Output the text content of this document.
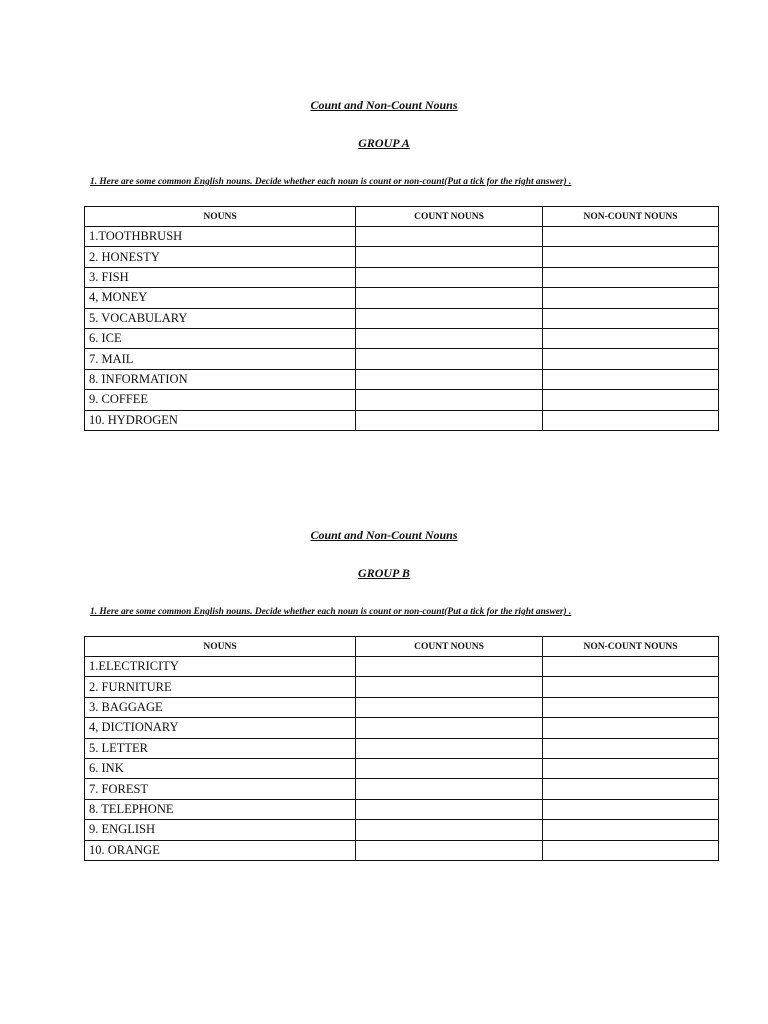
Count and Non-Count Nouns
GROUP A
1. Here are some common English nouns. Decide whether each noun is count or non-count(Put a tick for the right answer) .
NOUNS	COUNT NOUNS	NON-COUNT NOUNS
1.TOOTHBRUSH		
2. HONESTY		
3. FISH		
4, MONEY		
5. VOCABULARY		
6. ICE		
7. MAIL		
8. INFORMATION		
9. COFFEE		
10. HYDROGEN		
Count and Non-Count Nouns
GROUP B
1. Here are some common English nouns. Decide whether each noun is count or non-count(Put a tick for the right answer) .
NOUNS	COUNT NOUNS	NON-COUNT NOUNS
1.ELECTRICITY		
2. FURNITURE		
3. BAGGAGE		
4, DICTIONARY		
5. LETTER		
6. INK		
7. FOREST		
8. TELEPHONE		
9. ENGLISH		
10. ORANGE		
